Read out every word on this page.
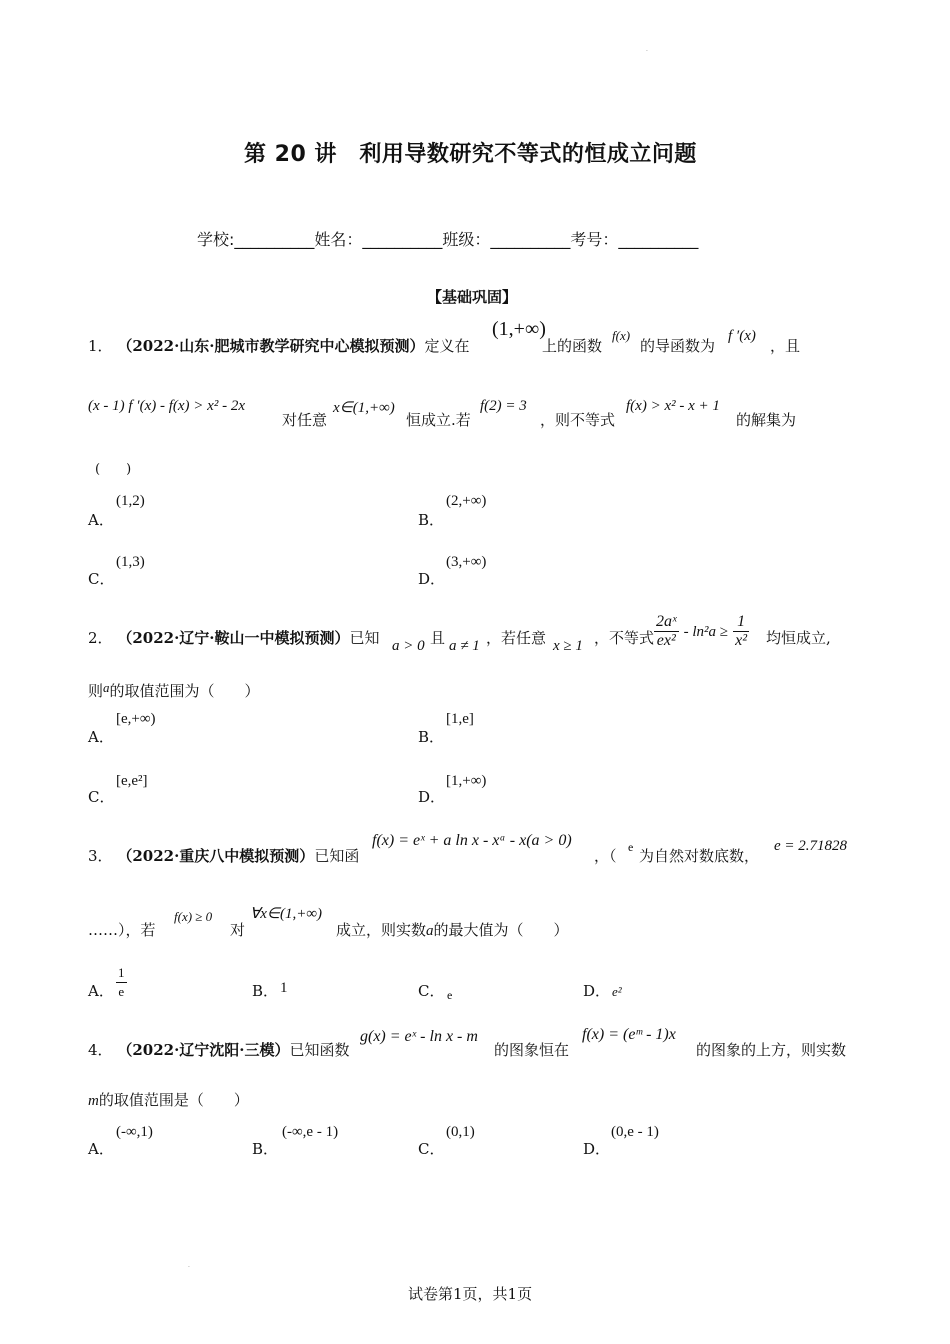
·
·
第 20 讲　利用导数研究不等式的恒成立问题
学校:__________姓名：__________班级：__________考号：__________
【基础巩固】
1． （2022·山东·肥城市教学研究中心模拟预测）定义在
(1,+∞)
上的函数
f(x)
的导函数为
f ′(x)
，且
(x - 1) f ′(x) - f(x) > x² - 2x
对任意
x∈(1,+∞)
恒成立.若
f(2) = 3
，则不等式
f(x) > x² - x + 1
的解集为
(　　)
A．
(1,2)
B．
(2,+∞)
C．
(1,3)
D．
(3,+∞)
2． （2022·辽宁·鞍山一中模拟预测）已知 a > 0 且 a ≠ 1 ，若任意 x ≥ 1 ，不等式 $\frac{\text{2aˣ}}{\text{ex²}} - \ln^2a \ge \frac{1}{\text{x²}}$ 均恒成立,
则a的取值范围为（　　）
A．
[e,+∞)
B．
[1,e]
C．
[e,e²]
D．
[1,+∞)
3． （2022·重庆八中模拟预测）已知函
f(x) = eˣ + a ln x - xᵃ - x(a > 0)
，（ e 为自然对数底数，
e = 2.71828
……），若
f(x) ≥ 0
对
∀x∈(1,+∞)
成立，则实数a的最大值为（　　）
A． $\frac{1}{e}$	B． 1	C． e	D． e²
4． （2022·辽宁沈阳·三模）已知函数
g(x) = eˣ - ln x - m
的图象恒在
f(x) = (eᵐ - 1)x
的图象的上方，则实数
m的取值范围是（　　）
A．
(-∞,1)
B．
(-∞,e - 1)
C．
(0,1)
D．
(0,e - 1)
试卷第1页，共1页
